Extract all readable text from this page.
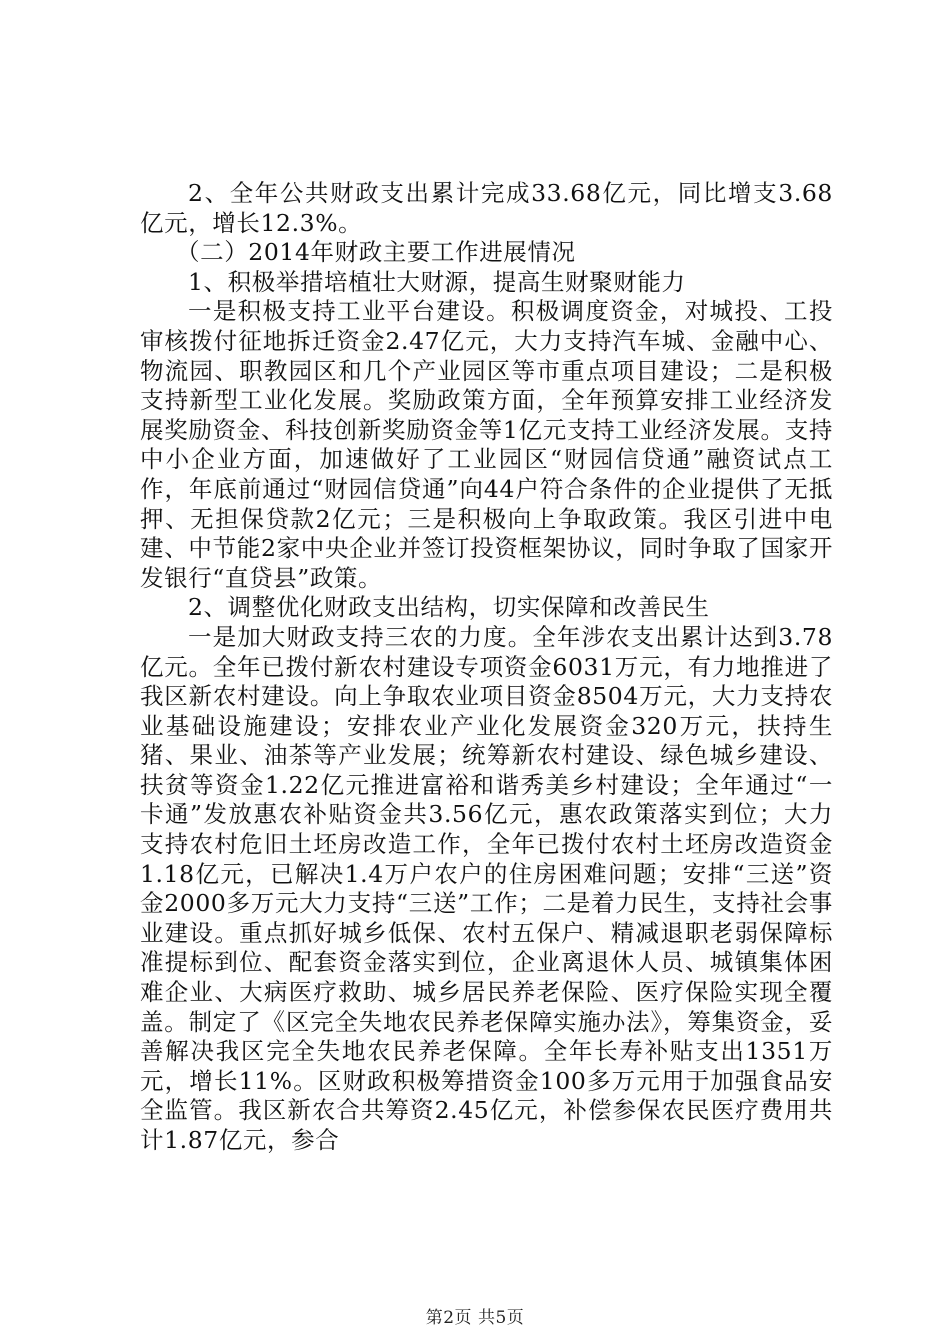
2、全年公共财政支出累计完成33.68亿元，同比增支3.68亿元，增长12.3%。

（二）2014年财政主要工作进展情况

1、积极举措培植壮大财源，提高生财聚财能力

一是积极支持工业平台建设。积极调度资金，对城投、工投审核拨付征地拆迁资金2.47亿元，大力支持汽车城、金融中心、物流园、职教园区和几个产业园区等市重点项目建设；二是积极支持新型工业化发展。奖励政策方面，全年预算安排工业经济发展奖励资金、科技创新奖励资金等1亿元支持工业经济发展。支持中小企业方面，加速做好了工业园区“财园信贷通”融资试点工作，年底前通过“财园信贷通”向44户符合条件的企业提供了无抵押、无担保贷款2亿元；三是积极向上争取政策。我区引进中电建、中节能2家中央企业并签订投资框架协议，同时争取了国家开发银行“直贷县”政策。

2、调整优化财政支出结构，切实保障和改善民生

一是加大财政支持三农的力度。全年涉农支出累计达到3.78亿元。全年已拨付新农村建设专项资金6031万元，有力地推进了我区新农村建设。向上争取农业项目资金8504万元，大力支持农业基础设施建设；安排农业产业化发展资金320万元，扶持生猪、果业、油茶等产业发展；统筹新农村建设、绿色城乡建设、扶贫等资金1.22亿元推进富裕和谐秀美乡村建设；全年通过“一卡通”发放惠农补贴资金共3.56亿元，惠农政策落实到位；大力支持农村危旧土坯房改造工作，全年已拨付农村土坯房改造资金1.18亿元，已解决1.4万户农户的住房困难问题；安排“三送”资金2000多万元大力支持“三送”工作；二是着力民生，支持社会事业建设。重点抓好城乡低保、农村五保户、精减退职老弱保障标准提标到位、配套资金落实到位，企业离退休人员、城镇集体困难企业、大病医疗救助、城乡居民养老保险、医疗保险实现全覆盖。制定了《区完全失地农民养老保障实施办法》，筹集资金，妥善解决我区完全失地农民养老保障。全年长寿补贴支出1351万元，增长11%。区财政积极筹措资金100多万元用于加强食品安全监管。我区新农合共筹资2.45亿元，补偿参保农民医疗费用共计1.87亿元，参合

第2页 共5页
